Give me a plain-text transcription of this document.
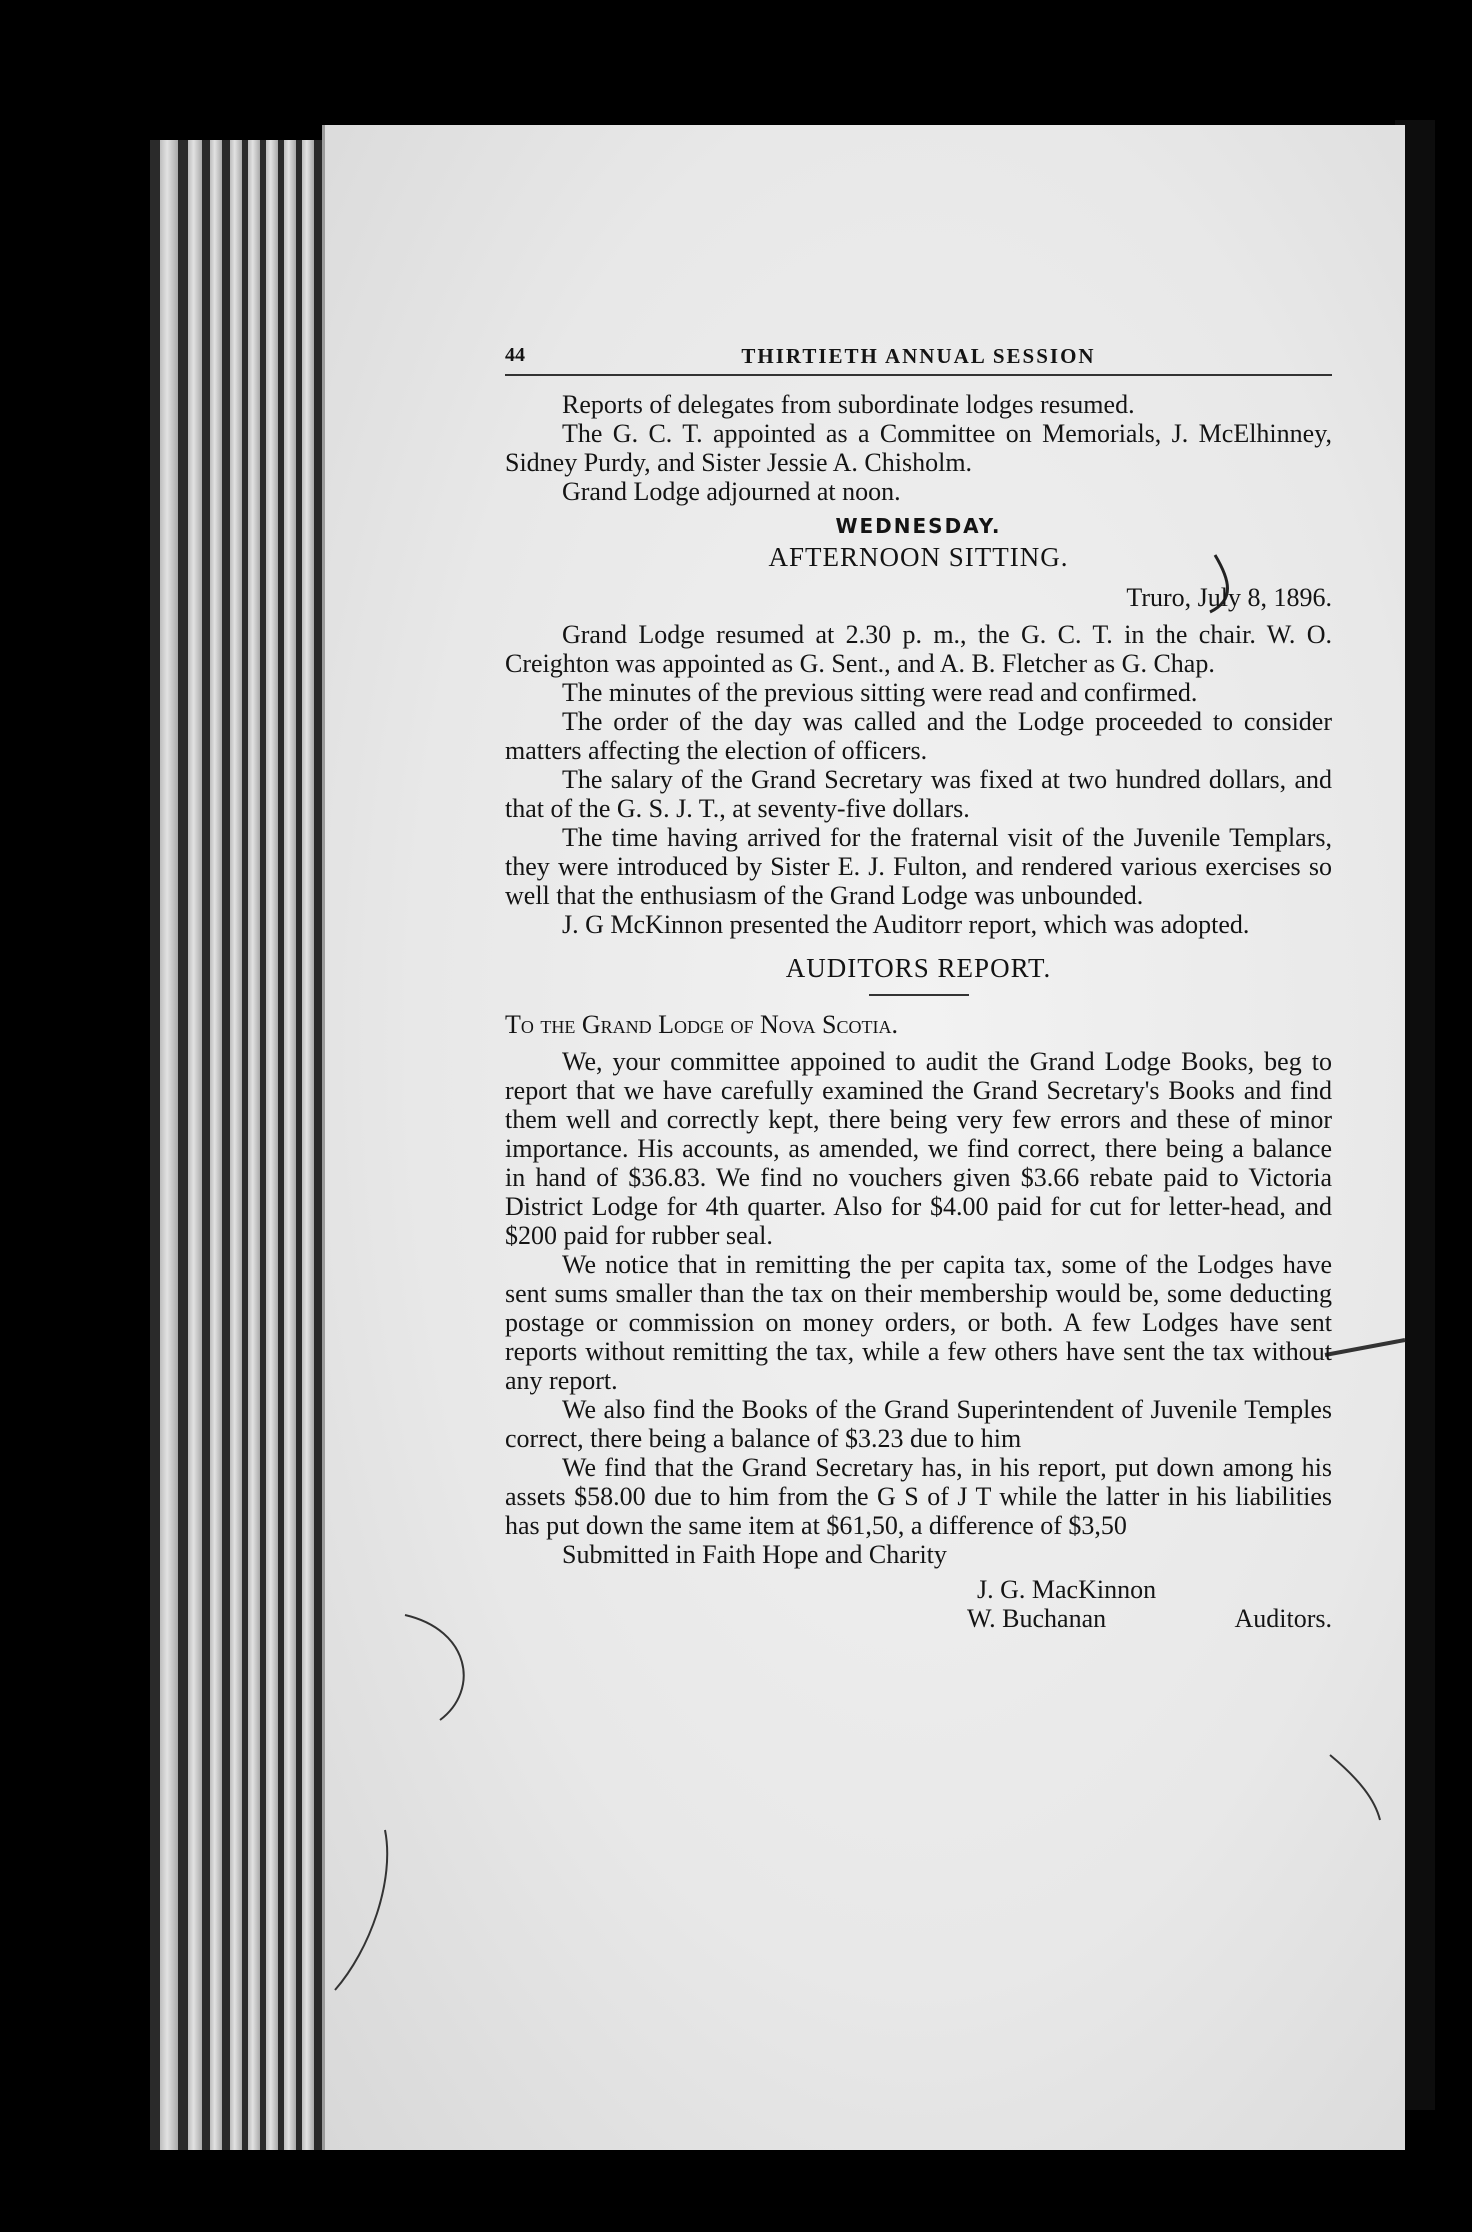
44	THIRTIETH ANNUAL SESSION

Reports of delegates from subordinate lodges resumed.

The G. C. T. appointed as a Committee on Memorials, J. McElhinney, Sidney Purdy, and Sister Jessie A. Chisholm.

Grand Lodge adjourned at noon.

WEDNESDAY.
AFTERNOON SITTING.

Truro, July 8, 1896.

Grand Lodge resumed at 2.30 p. m., the G. C. T. in the chair. W. O. Creighton was appointed as G. Sent., and A. B. Fletcher as G. Chap.

The minutes of the previous sitting were read and confirmed.

The order of the day was called and the Lodge proceeded to consider matters affecting the election of officers.

The salary of the Grand Secretary was fixed at two hundred dollars, and that of the G. S. J. T., at seventy-five dollars.

The time having arrived for the fraternal visit of the Juvenile Templars, they were introduced by Sister E. J. Fulton, and rendered various exercises so well that the enthusiasm of the Grand Lodge was unbounded.

J. G McKinnon presented the Auditorr report, which was adopted.

AUDITORS REPORT.
To the Grand Lodge of Nova Scotia.

We, your committee appoined to audit the Grand Lodge Books, beg to report that we have carefully examined the Grand Secretary's Books and find them well and correctly kept, there being very few errors and these of minor importance. His accounts, as amended, we find correct, there being a balance in hand of $36.83. We find no vouchers given $3.66 rebate paid to Victoria District Lodge for 4th quarter. Also for $4.00 paid for cut for letter-head, and $200 paid for rubber seal.

We notice that in remitting the per capita tax, some of the Lodges have sent sums smaller than the tax on their membership would be, some deducting postage or commission on money orders, or both. A few Lodges have sent reports without remitting the tax, while a few others have sent the tax without any report.

We also find the Books of the Grand Superintendent of Juvenile Temples correct, there being a balance of $3.23 due to him

We find that the Grand Secretary has, in his report, put down among his assets $58.00 due to him from the G S of J T while the latter in his liabilities has put down the same item at $61,50, a difference of $3,50

Submitted in Faith Hope and Charity

J. G. MacKinnon
W. Buchanan	Auditors.
